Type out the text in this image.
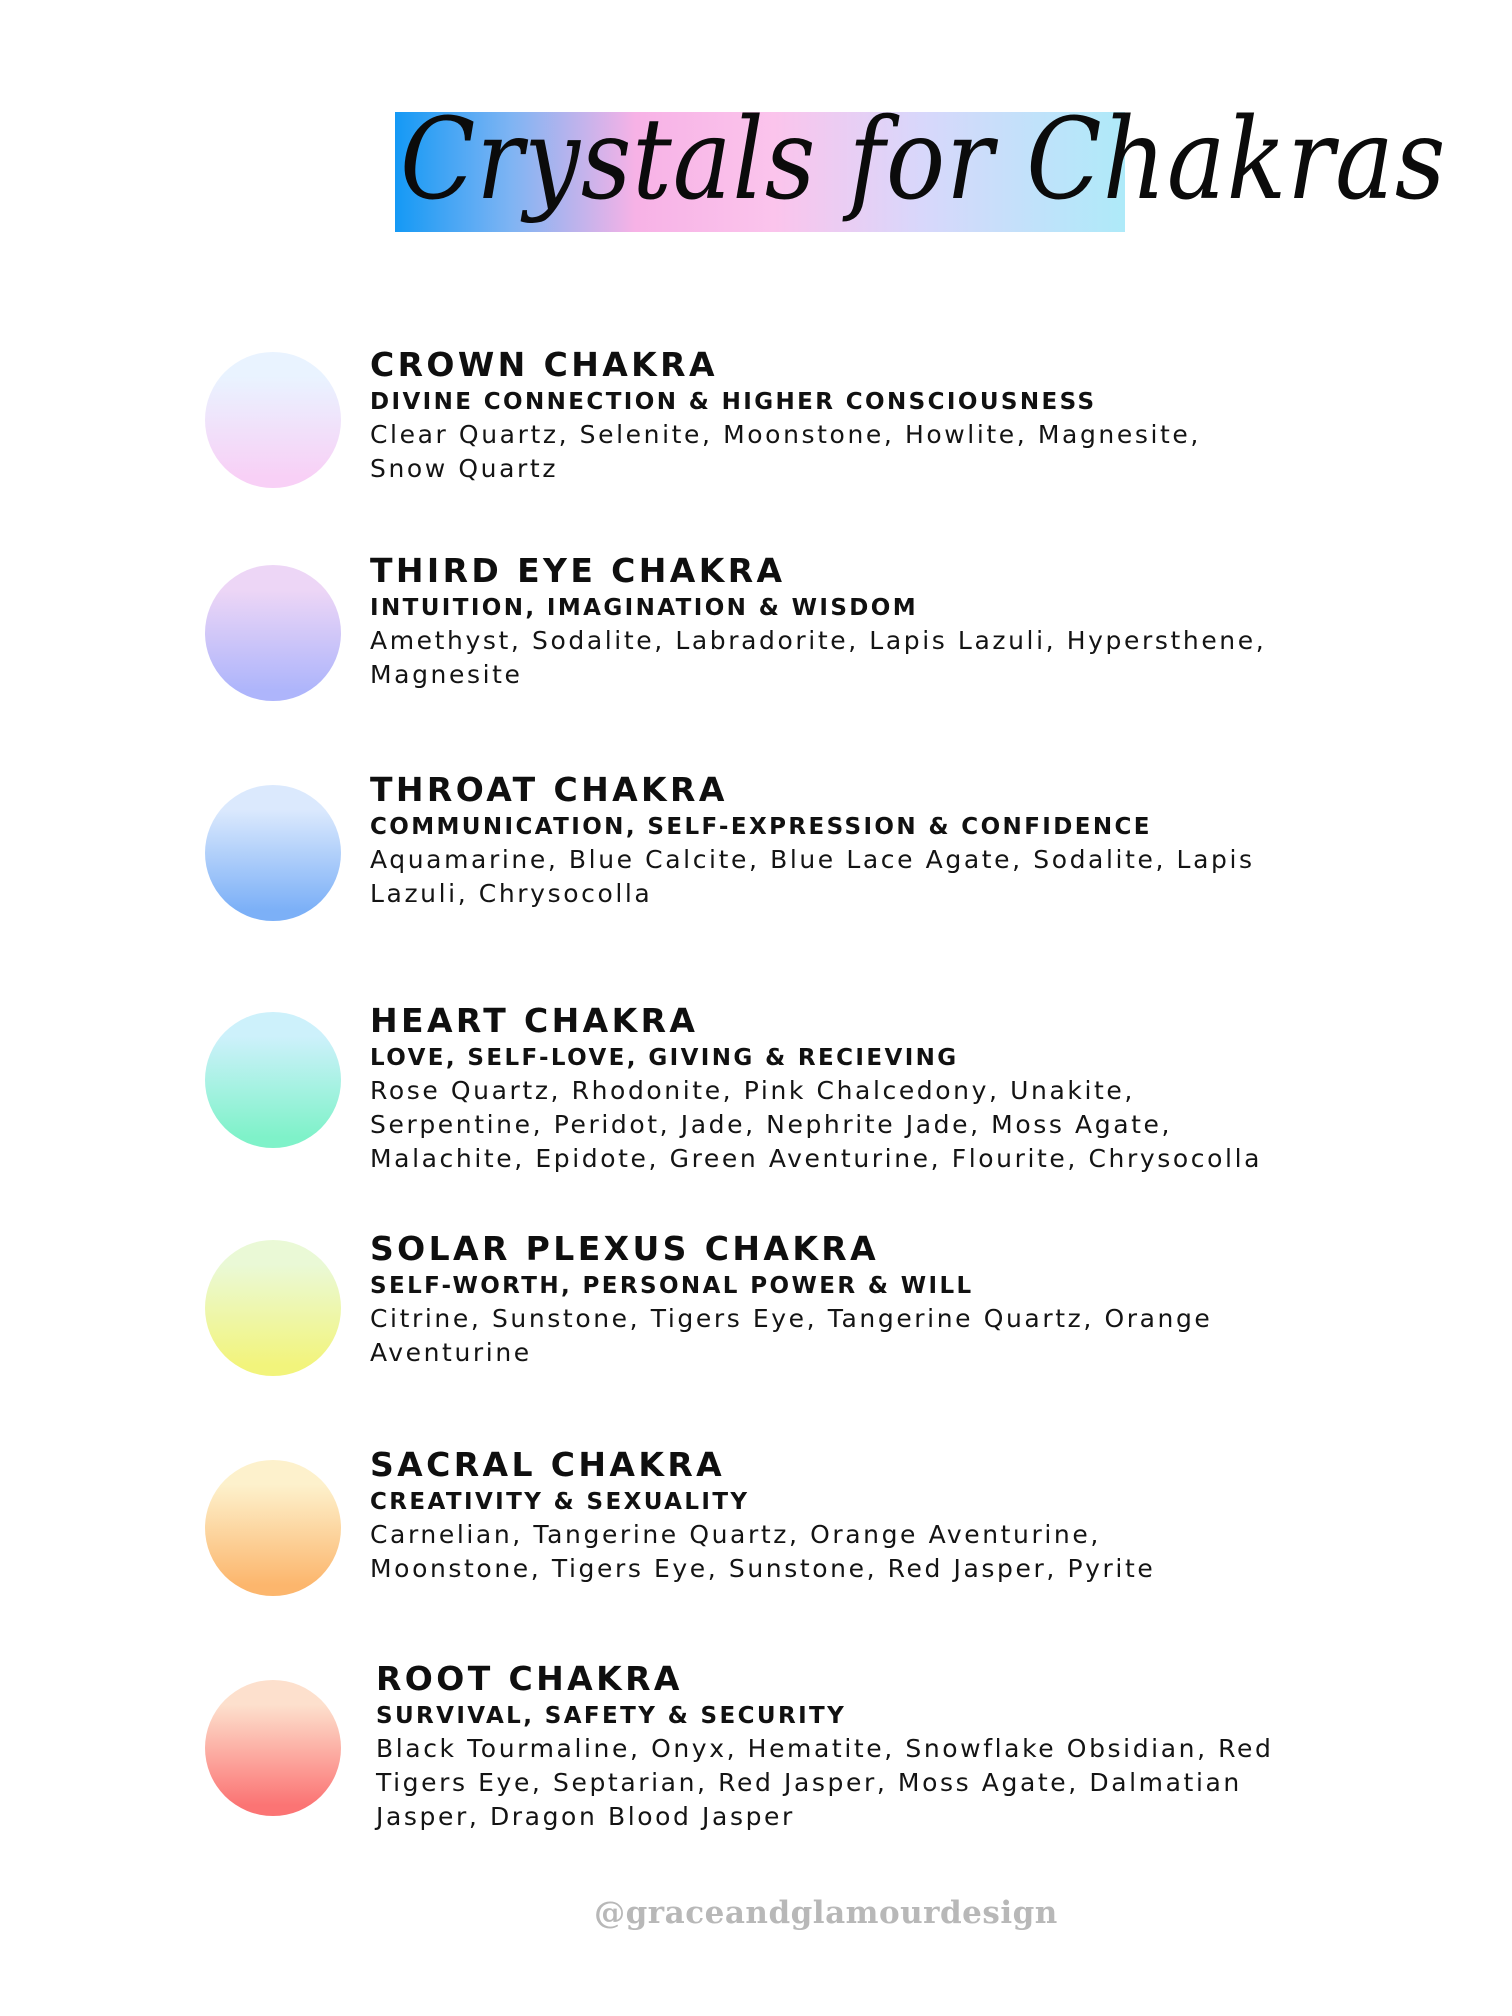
Crystals for Chakras
CROWN CHAKRA
DIVINE CONNECTION & HIGHER CONSCIOUSNESS
Clear Quartz, Selenite, Moonstone, Howlite, Magnesite,
Snow Quartz
THIRD EYE CHAKRA
INTUITION, IMAGINATION & WISDOM
Amethyst, Sodalite, Labradorite, Lapis Lazuli, Hypersthene,
Magnesite
THROAT CHAKRA
COMMUNICATION, SELF-EXPRESSION & CONFIDENCE
Aquamarine, Blue Calcite, Blue Lace Agate, Sodalite, Lapis
Lazuli, Chrysocolla
HEART CHAKRA
LOVE, SELF-LOVE, GIVING & RECIEVING
Rose Quartz, Rhodonite, Pink Chalcedony, Unakite,
Serpentine, Peridot, Jade, Nephrite Jade, Moss Agate,
Malachite, Epidote, Green Aventurine, Flourite, Chrysocolla
SOLAR PLEXUS CHAKRA
SELF-WORTH, PERSONAL POWER & WILL
Citrine, Sunstone, Tigers Eye, Tangerine Quartz, Orange
Aventurine
SACRAL CHAKRA
CREATIVITY & SEXUALITY
Carnelian, Tangerine Quartz, Orange Aventurine,
Moonstone, Tigers Eye, Sunstone, Red Jasper, Pyrite
ROOT CHAKRA
SURVIVAL, SAFETY & SECURITY
Black Tourmaline, Onyx, Hematite, Snowflake Obsidian, Red
Tigers Eye, Septarian, Red Jasper, Moss Agate, Dalmatian
Jasper, Dragon Blood Jasper
@graceandglamourdesign
